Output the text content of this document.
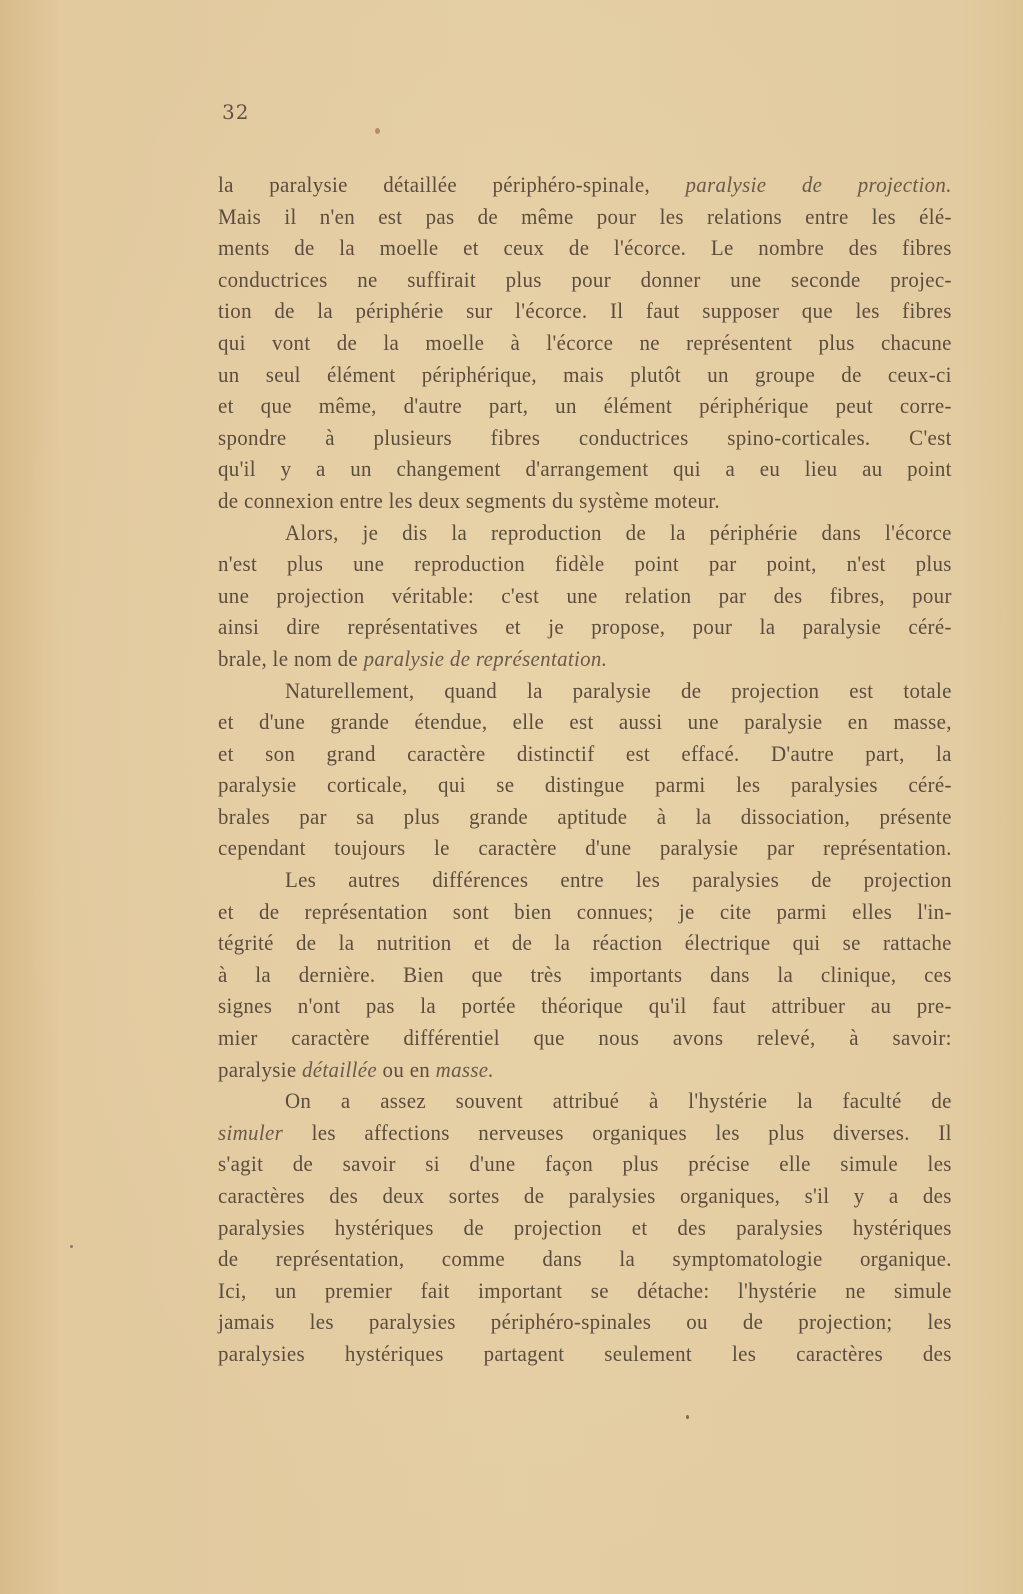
32
la paralysie détaillée périphéro-spinale, paralysie de projection.
Mais il n'en est pas de même pour les relations entre les élé-
ments de la moelle et ceux de l'écorce. Le nombre des fibres
conductrices ne suffirait plus pour donner une seconde projec-
tion de la périphérie sur l'écorce. Il faut supposer que les fibres
qui vont de la moelle à l'écorce ne représentent plus chacune
un seul élément périphérique, mais plutôt un groupe de ceux-ci
et que même, d'autre part, un élément périphérique peut corre-
spondre à plusieurs fibres conductrices spino-corticales. C'est
qu'il y a un changement d'arrangement qui a eu lieu au point
de connexion entre les deux segments du système moteur.
Alors, je dis la reproduction de la périphérie dans l'écorce
n'est plus une reproduction fidèle point par point, n'est plus
une projection véritable: c'est une relation par des fibres, pour
ainsi dire représentatives et je propose, pour la paralysie céré-
brale, le nom de paralysie de représentation.
Naturellement, quand la paralysie de projection est totale
et d'une grande étendue, elle est aussi une paralysie en masse,
et son grand caractère distinctif est effacé. D'autre part, la
paralysie corticale, qui se distingue parmi les paralysies céré-
brales par sa plus grande aptitude à la dissociation, présente
cependant toujours le caractère d'une paralysie par représentation.
Les autres différences entre les paralysies de projection
et de représentation sont bien connues; je cite parmi elles l'in-
tégrité de la nutrition et de la réaction électrique qui se rattache
à la dernière. Bien que très importants dans la clinique, ces
signes n'ont pas la portée théorique qu'il faut attribuer au pre-
mier caractère différentiel que nous avons relevé, à savoir:
paralysie détaillée ou en masse.
On a assez souvent attribué à l'hystérie la faculté de
simuler les affections nerveuses organiques les plus diverses. Il
s'agit de savoir si d'une façon plus précise elle simule les
caractères des deux sortes de paralysies organiques, s'il y a des
paralysies hystériques de projection et des paralysies hystériques
de représentation, comme dans la symptomatologie organique.
Ici, un premier fait important se détache: l'hystérie ne simule
jamais les paralysies périphéro-spinales ou de projection; les
paralysies hystériques partagent seulement les caractères des
